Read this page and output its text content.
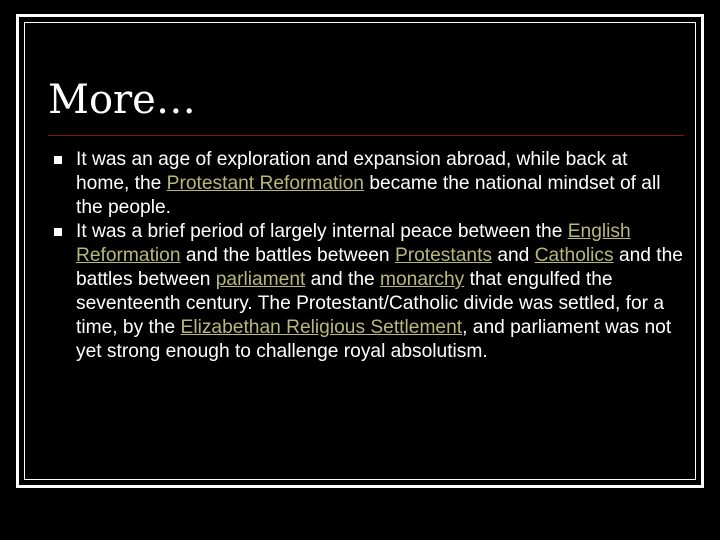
More…
It was an age of exploration and expansion abroad, while back at home, the Protestant Reformation became the national mindset of all the people.
It was a brief period of largely internal peace between the English Reformation and the battles between Protestants and Catholics and the battles between parliament and the monarchy that engulfed the seventeenth century. The Protestant/Catholic divide was settled, for a time, by the Elizabethan Religious Settlement, and parliament was not yet strong enough to challenge royal absolutism.
